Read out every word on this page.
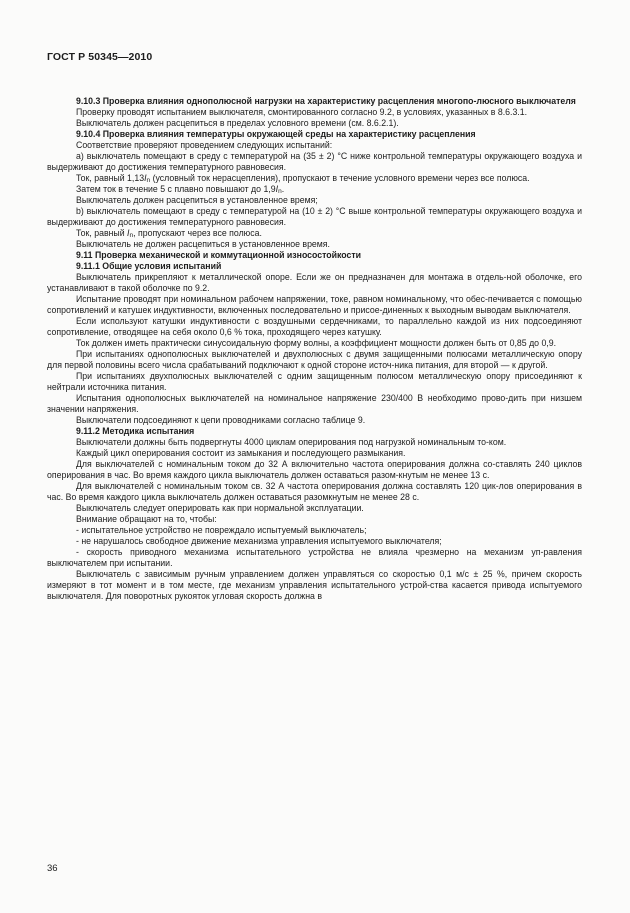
ГОСТ Р 50345—2010

9.10.3 Проверка влияния однополюсной нагрузки на характеристику расцепления многопо-люсного выключателя

Проверку проводят испытанием выключателя, смонтированного согласно 9.2, в условиях, указанных в 8.6.3.1.

Выключатель должен расцепиться в пределах условного времени (см. 8.6.2.1).

9.10.4 Проверка влияния температуры окружающей среды на характеристику расцепления

Соответствие проверяют проведением следующих испытаний:

a) выключатель помещают в среду с температурой на (35 ± 2) °C ниже контрольной температуры окружающего воздуха и выдерживают до достижения температурного равновесия.

Ток, равный $1,13I_n$ (условный ток нерасцепления), пропускают в течение условного времени через все полюса.

Затем ток в течение 5 с плавно повышают до $1,9I_n$.

Выключатель должен расцепиться в установленное время;

b) выключатель помещают в среду с температурой на (10 ± 2) °C выше контрольной температуры окружающего воздуха и выдерживают до достижения температурного равновесия.

Ток, равный $I_n$, пропускают через все полюса.

Выключатель не должен расцепиться в установленное время.

9.11 Проверка механической и коммутационной износостойкости

9.11.1 Общие условия испытаний

Выключатель прикрепляют к металлической опоре. Если же он предназначен для монтажа в отдель-ной оболочке, его устанавливают в такой оболочке по 9.2.

Испытание проводят при номинальном рабочем напряжении, токе, равном номинальному, что обес-печивается с помощью сопротивлений и катушек индуктивности, включенных последовательно и присое-диненных к выходным выводам выключателя.

Если используют катушки индуктивности с воздушными сердечниками, то параллельно каждой из них подсоединяют сопротивление, отводящее на себя около 0,6 % тока, проходящего через катушку.

Ток должен иметь практически синусоидальную форму волны, а коэффициент мощности должен быть от 0,85 до 0,9.

При испытаниях однополюсных выключателей и двухполюсных с двумя защищенными полюсами металлическую опору для первой половины всего числа срабатываний подключают к одной стороне источ-ника питания, для второй — к другой.

При испытаниях двухполюсных выключателей с одним защищенным полюсом металлическую опору присоединяют к нейтрали источника питания.

Испытания однополюсных выключателей на номинальное напряжение 230/400 В необходимо прово-дить при низшем значении напряжения.

Выключатели подсоединяют к цепи проводниками согласно таблице 9.

9.11.2 Методика испытания

Выключатели должны быть подвергнуты 4000 циклам оперирования под нагрузкой номинальным то-ком.

Каждый цикл оперирования состоит из замыкания и последующего размыкания.

Для выключателей с номинальным током до 32 А включительно частота оперирования должна со-ставлять 240 циклов оперирования в час. Во время каждого цикла выключатель должен оставаться разом-кнутым не менее 13 с.

Для выключателей с номинальным током св. 32 А частота оперирования должна составлять 120 цик-лов оперирования в час. Во время каждого цикла выключатель должен оставаться разомкнутым не менее 28 с.

Выключатель следует оперировать как при нормальной эксплуатации.

Внимание обращают на то, чтобы:

- испытательное устройство не повреждало испытуемый выключатель;

- не нарушалось свободное движение механизма управления испытуемого выключателя;

- скорость приводного механизма испытательного устройства не влияла чрезмерно на механизм уп-равления выключателем при испытании.

Выключатель с зависимым ручным управлением должен управляться со скоростью 0,1 м/с ± 25 %, причем скорость измеряют в тот момент и в том месте, где механизм управления испытательного устрой-ства касается привода испытуемого выключателя. Для поворотных рукояток угловая скорость должна в

36
